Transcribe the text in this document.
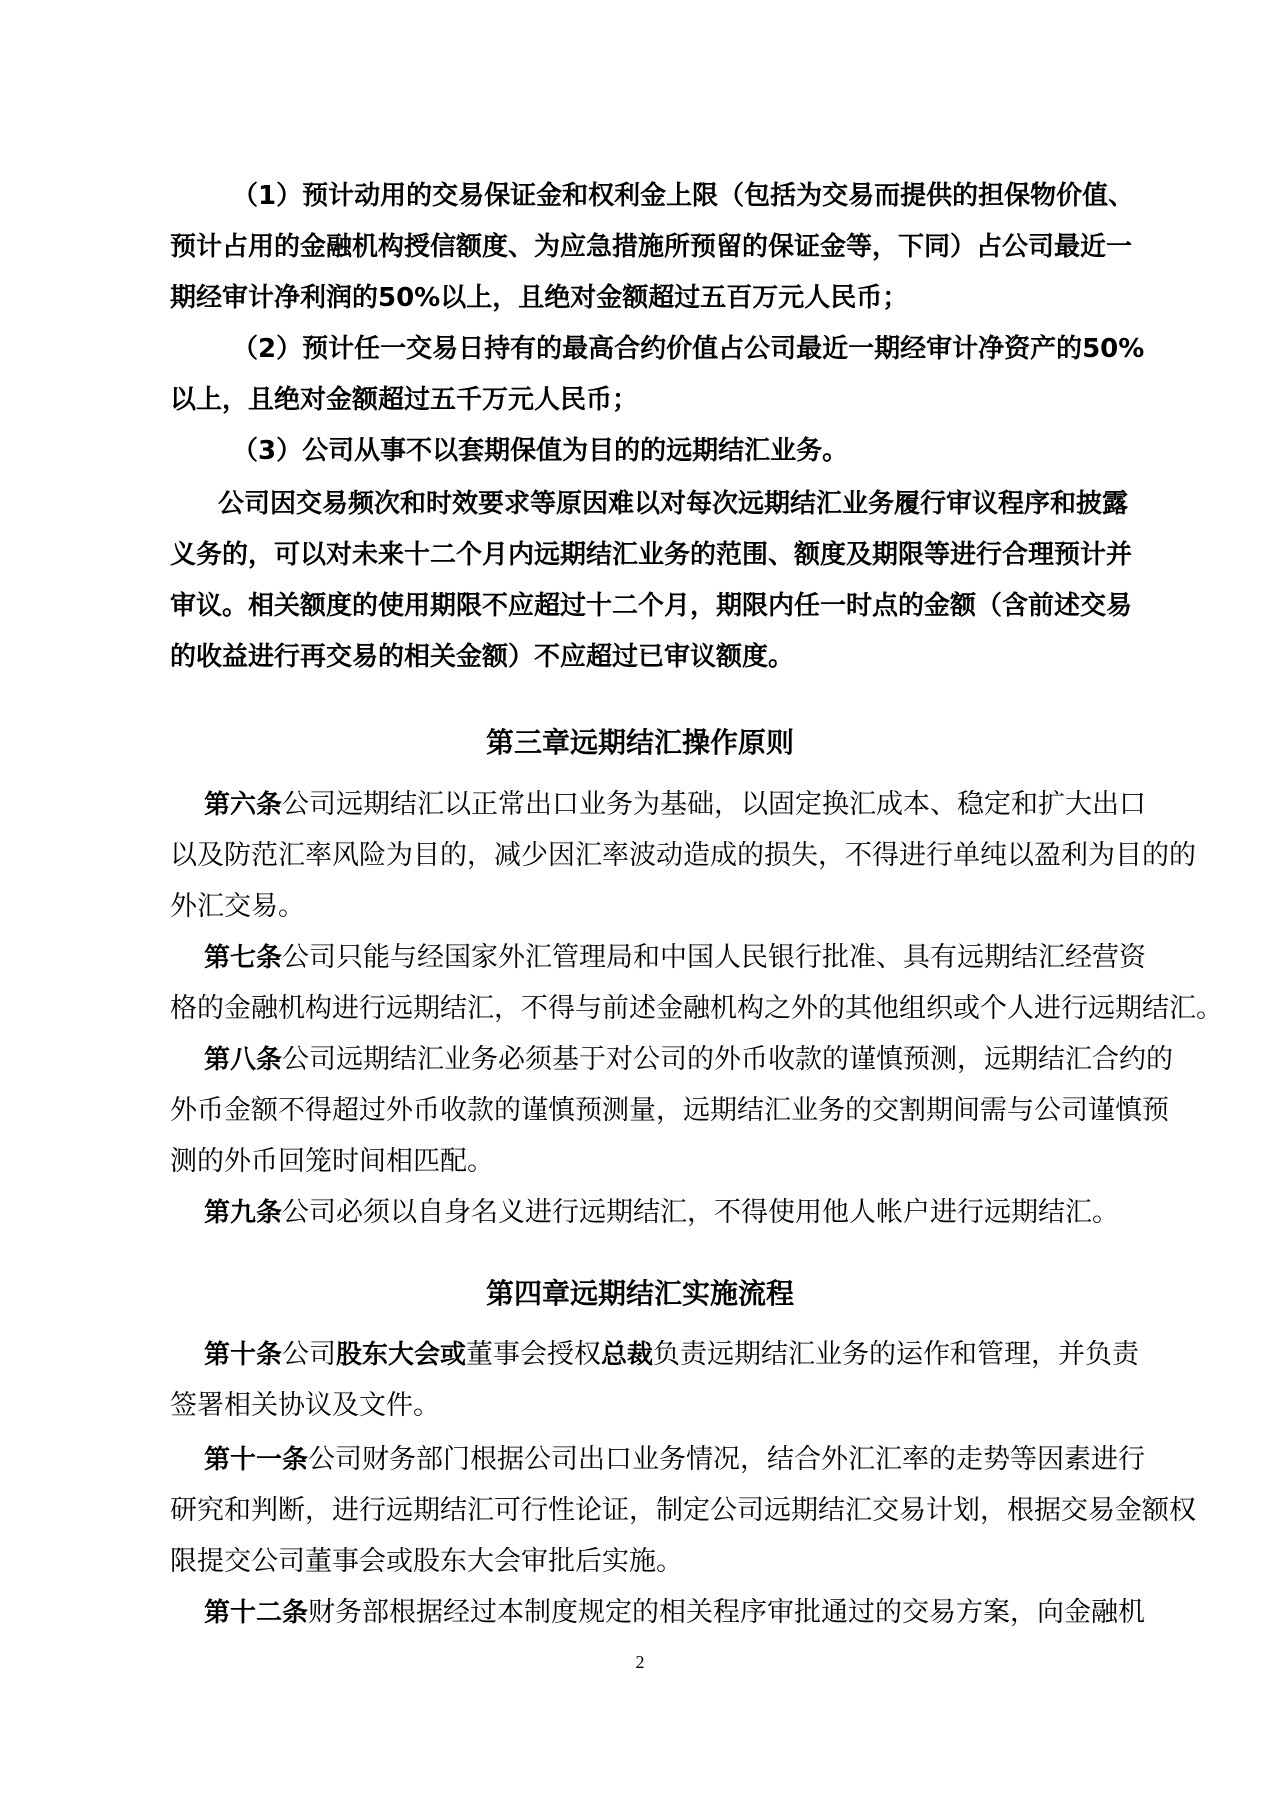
（1）预计动用的交易保证金和权利金上限（包括为交易而提供的担保物价值、
预计占用的金融机构授信额度、为应急措施所预留的保证金等，下同）占公司最近一
期经审计净利润的50%以上，且绝对金额超过五百万元人民币；
（2）预计任一交易日持有的最高合约价值占公司最近一期经审计净资产的50%
以上，且绝对金额超过五千万元人民币；
（3）公司从事不以套期保值为目的的远期结汇业务。
公司因交易频次和时效要求等原因难以对每次远期结汇业务履行审议程序和披露
义务的，可以对未来十二个月内远期结汇业务的范围、额度及期限等进行合理预计并
审议。相关额度的使用期限不应超过十二个月，期限内任一时点的金额（含前述交易
的收益进行再交易的相关金额）不应超过已审议额度。
第三章远期结汇操作原则
第六条公司远期结汇以正常出口业务为基础，以固定换汇成本、稳定和扩大出口
以及防范汇率风险为目的，减少因汇率波动造成的损失，不得进行单纯以盈利为目的的
外汇交易。
第七条公司只能与经国家外汇管理局和中国人民银行批准、具有远期结汇经营资
格的金融机构进行远期结汇，不得与前述金融机构之外的其他组织或个人进行远期结汇。
第八条公司远期结汇业务必须基于对公司的外币收款的谨慎预测，远期结汇合约的
外币金额不得超过外币收款的谨慎预测量，远期结汇业务的交割期间需与公司谨慎预
测的外币回笼时间相匹配。
第九条公司必须以自身名义进行远期结汇，不得使用他人帐户进行远期结汇。
第四章远期结汇实施流程
第十条公司股东大会或董事会授权总裁负责远期结汇业务的运作和管理，并负责
签署相关协议及文件。
第十一条公司财务部门根据公司出口业务情况，结合外汇汇率的走势等因素进行
研究和判断，进行远期结汇可行性论证，制定公司远期结汇交易计划，根据交易金额权
限提交公司董事会或股东大会审批后实施。
第十二条财务部根据经过本制度规定的相关程序审批通过的交易方案，向金融机
2
